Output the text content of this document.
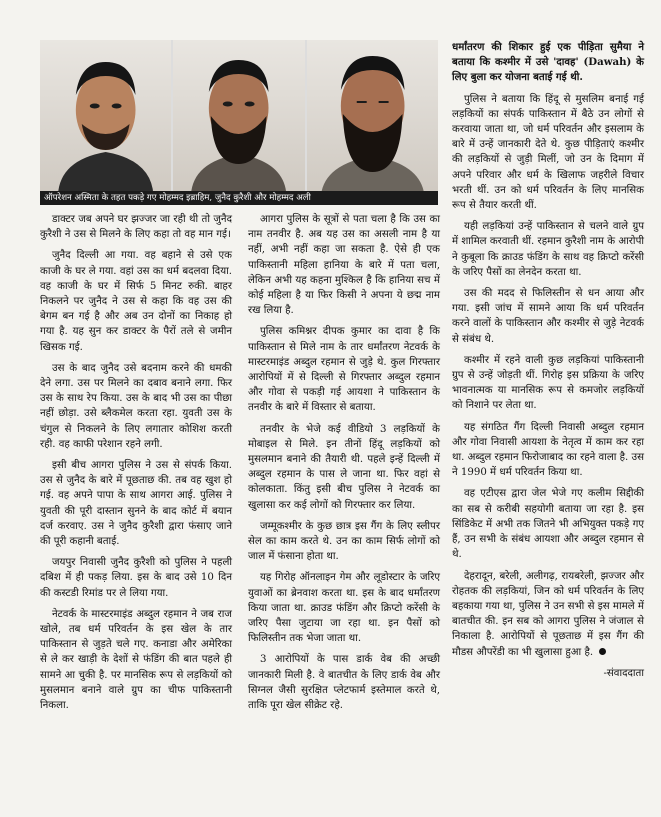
ऑपरेशन अस्मिता के तहत पकड़े गए मोहम्मद इब्राहिम, जुनैद कुरैशी और मोहम्मद अली

डाक्टर जब अपने घर झज्जर जा रही थी तो जुनैद कुरैशी ने उस से मिलने के लिए कहा तो वह मान गई।

जुनैद दिल्ली आ गया. वह बहाने से उसे एक काजी के घर ले गया. वहां उस का धर्म बदलवा दिया. वह काजी के घर में सिर्फ 5 मिनट रुकी. बाहर निकलने पर जुनैद ने उस से कहा कि वह उस की बेगम बन गई है और अब उन दोनों का निकाह हो गया है. यह सुन कर डाक्टर के पैरों तले से जमीन खिसक गई.

उस के बाद जुनैद उसे बदनाम करने की धमकी देने लगा. उस पर मिलने का दबाव बनाने लगा. फिर उस के साथ रेप किया. उस के बाद भी उस का पीछा नहीं छोड़ा. उसे ब्लैकमेल करता रहा. युवती उस के चंगुल से निकलने के लिए लगातार कोशिश करती रही. वह काफी परेशान रहने लगी.

इसी बीच आगरा पुलिस ने उस से संपर्क किया. उस से जुनैद के बारे में पूछताछ की. तब वह खुश हो गई. वह अपने पापा के साथ आगरा आई. पुलिस ने युवती की पूरी दास्तान सुनने के बाद कोर्ट में बयान दर्ज करवाए. उस ने जुनैद कुरैशी द्वारा फंसाए जाने की पूरी कहानी बताई.

जयपुर निवासी जुनैद कुरैशी को पुलिस ने पहली दबिश में ही पकड़ लिया. इस के बाद उसे 10 दिन की कस्टडी रिमांड पर ले लिया गया.

नेटवर्क के मास्टरमाइंड अब्दुल रहमान ने जब राज खोले, तब धर्म परिवर्तन के इस खेल के तार पाकिस्तान से जुड़ते चले गए. कनाडा और अमेरिका से ले कर खाड़ी के देशों से फंडिंग की बात पहले ही सामने आ चुकी है. पर मानसिक रूप से लड़कियों को मुसलमान बनाने वाले ग्रुप का चीफ पाकिस्तानी निकला.

आगरा पुलिस के सूत्रों से पता चला है कि उस का नाम तनवीर है. अब यह उस का असली नाम है या नहीं, अभी नहीं कहा जा सकता है. ऐसे ही एक पाकिस्तानी महिला हानिया के बारे में पता चला, लेकिन अभी यह कहना मुश्किल है कि हानिया सच में कोई महिला है या फिर किसी ने अपना ये छद्म नाम रख लिया है.

पुलिस कमिश्नर दीपक कुमार का दावा है कि पाकिस्तान से मिले नाम के तार धर्मांतरण नेटवर्क के मास्टरमाइंड अब्दुल रहमान से जुड़े थे. कुल गिरफ्तार आरोपियों में से दिल्ली से गिरफ्तार अब्दुल रहमान और गोवा से पकड़ी गई आयशा ने पाकिस्तान के तनवीर के बारे में विस्तार से बताया.

तनवीर के भेजे कई वीडियो 3 लड़कियों के मोबाइल से मिले. इन तीनों हिंदू लड़कियों को मुसलमान बनाने की तैयारी थी. पहले इन्हें दिल्ली में अब्दुल रहमान के पास ले जाना था. फिर वहां से कोलकाता. किंतु इसी बीच पुलिस ने नेटवर्क का खुलासा कर कई लोगों को गिरफ्तार कर लिया.

जम्मूकश्मीर के कुछ छात्र इस गैंग के लिए स्लीपर सेल का काम करते थे. उन का काम सिर्फ लोगों को जाल में फंसाना होता था.

यह गिरोह ऑनलाइन गेम और लूडोस्टार के जरिए युवाओं का ब्रेनवाश करता था. इस के बाद धर्मांतरण किया जाता था. क्राउड फंडिंग और क्रिप्टो करेंसी के जरिए पैसा जुटाया जा रहा था. इन पैसों को फिलिस्तीन तक भेजा जाता था.

3 आरोपियों के पास डार्क वेब की अच्छी जानकारी मिली है. वे बातचीत के लिए डार्क वेब और सिग्नल जैसी सुरक्षित प्लेटफार्म इस्तेमाल करते थे, ताकि पूरा खेल सीक्रेट रहे.

धर्मांतरण की शिकार हुई एक पीड़िता सुमैया ने बताया कि कश्मीर में उसे 'दावह' (Dawah) के लिए बुला कर योजना बताई गई थी.

पुलिस ने बताया कि हिंदू से मुसलिम बनाई गई लड़कियों का संपर्क पाकिस्तान में बैठे उन लोगों से करवाया जाता था, जो धर्म परिवर्तन और इसलाम के बारे में उन्हें जानकारी देते थे. कुछ पीड़िताएं कश्मीर की लड़कियों से जुड़ी मिलीं, जो उन के दिमाग में अपने परिवार और धर्म के खिलाफ जहरीले विचार भरती थीं. उन को धर्म परिवर्तन के लिए मानसिक रूप से तैयार करती थीं.

यही लड़कियां उन्हें पाकिस्तान से चलने वाले ग्रुप में शामिल करवाती थीं. रहमान कुरैशी नाम के आरोपी ने कुबूला कि क्राउड फंडिंग के साथ वह क्रिप्टो करेंसी के जरिए पैसों का लेनदेन करता था.

उस की मदद से फिलिस्तीन से धन आया और गया. इसी जांच में सामने आया कि धर्म परिवर्तन करने वालों के पाकिस्तान और कश्मीर से जुड़े नेटवर्क से संबंध थे.

कश्मीर में रहने वाली कुछ लड़कियां पाकिस्तानी ग्रुप से उन्हें जोड़ती थीं. गिरोह इस प्रक्रिया के जरिए भावनात्मक या मानसिक रूप से कमजोर लड़कियों को निशाने पर लेता था.

यह संगठित गैंग दिल्ली निवासी अब्दुल रहमान और गोवा निवासी आयशा के नेतृत्व में काम कर रहा था. अब्दुल रहमान फिरोजाबाद का रहने वाला है. उस ने 1990 में धर्म परिवर्तन किया था.

वह एटीएस द्वारा जेल भेजे गए कलीम सिद्दीकी का सब से करीबी सहयोगी बताया जा रहा है. इस सिंडिकेट में अभी तक जितने भी अभियुक्त पकड़े गए हैं, उन सभी के संबंध आयशा और अब्दुल रहमान से थे.

देहरादून, बरेली, अलीगढ़, रायबरेली, झज्जर और रोहतक की लड़कियां, जिन को धर्म परिवर्तन के लिए बहकाया गया था, पुलिस ने उन सभी से इस मामले में बातचीत की. इन सब को आगरा पुलिस ने जंजाल से निकाला है. आरोपियों से पूछताछ में इस गैंग की मौडस औपरेंडी का भी खुलासा हुआ है.

-संवाददाता
